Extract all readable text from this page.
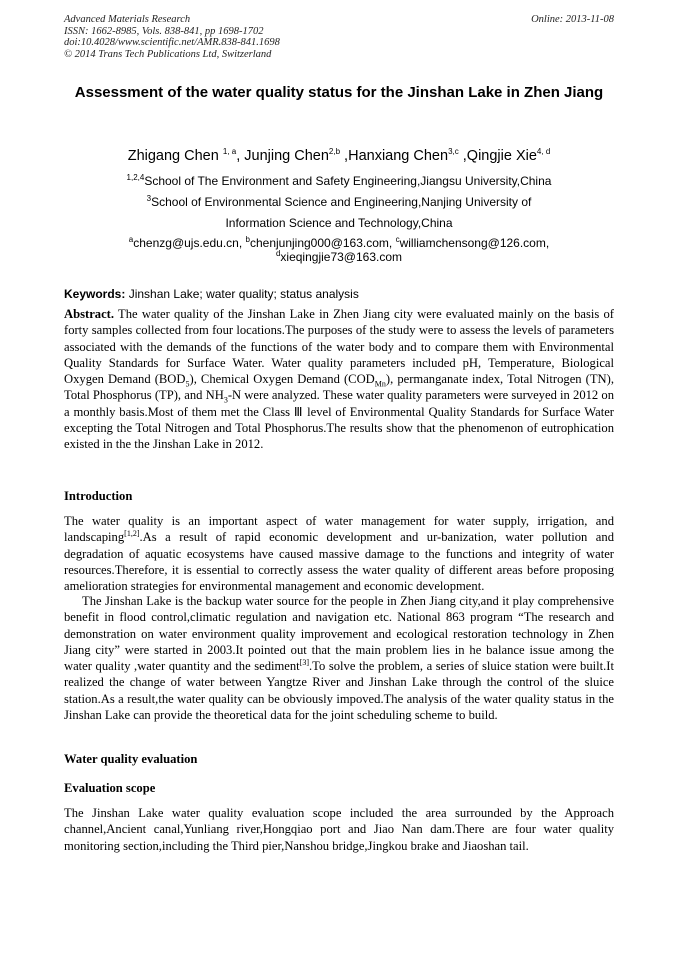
Advanced Materials Research
ISSN: 1662-8985, Vols. 838-841, pp 1698-1702
doi:10.4028/www.scientific.net/AMR.838-841.1698
© 2014 Trans Tech Publications Ltd, Switzerland
Online: 2013-11-08
Assessment of the water quality status for the Jinshan Lake in Zhen Jiang
Zhigang Chen $^{1, a}$, Junjing Chen$^{2,b}$ ,Hanxiang Chen$^{3,c}$ ,Qingjie Xie$^{4, d}$
$^{1,2,4}$School of The Environment and Safety Engineering,Jiangsu University,China
$^3$School of Environmental Science and Engineering,Nanjing University of
Information Science and Technology,China
$^a$chenzg@ujs.edu.cn, $^b$chenjunjing000@163.com, $^c$williamchensong@126.com,
$^d$xieqingjie73@163.com
Keywords: Jinshan Lake; water quality; status analysis
Abstract. The water quality of the Jinshan Lake in Zhen Jiang city were evaluated mainly on the basis of forty samples collected from four locations.The purposes of the study were to assess the levels of parameters associated with the demands of the functions of the water body and to compare them with Environmental Quality Standards for Surface Water. Water quality parameters included pH, Temperature, Biological Oxygen Demand $(BOD_5)$, Chemical Oxygen Demand $(COD_{Mn})$, permanganate index, Total Nitrogen (TN), Total Phosphorus (TP), and $NH_3-N$ were analyzed. These water quality parameters were surveyed in 2012 on a monthly basis.Most of them met the Class Ⅲ level of Environmental Quality Standards for Surface Water excepting the Total Nitrogen and Total Phosphorus.The results show that the phenomenon of eutrophication existed in the the Jinshan Lake in 2012.
Introduction
The water quality is an important aspect of water management for water supply, irrigation, and landscaping[1,2].As a result of rapid economic development and ur-banization, water pollution and degradation of aquatic ecosystems have caused massive damage to the functions and integrity of water resources.Therefore, it is essential to correctly assess the water quality of different areas before proposing amelioration strategies for environmental management and economic development.
The Jinshan Lake is the backup water source for the people in Zhen Jiang city,and it play comprehensive benefit in flood control,climatic regulation and navigation etc. National 863 program “The research and demonstration on water environment quality improvement and ecological restoration technology in Zhen Jiang city” were started in 2003.It pointed out that the main problem lies in he balance issue among the water quality ,water quantity and the sediment[3].To solve the problem, a series of sluice station were built.It realized the change of water between Yangtze River and Jinshan Lake through the control of the sluice station.As a result,the water quality can be obviously impoved.The analysis of the water quality status in the Jinshan Lake can provide the theoretical data for the joint scheduling scheme to build.
Water quality evaluation
Evaluation scope
The Jinshan Lake water quality evaluation scope included the area surrounded by the Approach channel,Ancient canal,Yunliang river,Hongqiao port and Jiao Nan dam.There are four water quality monitoring section,including the Third pier,Nanshou bridge,Jingkou brake and Jiaoshan tail.
